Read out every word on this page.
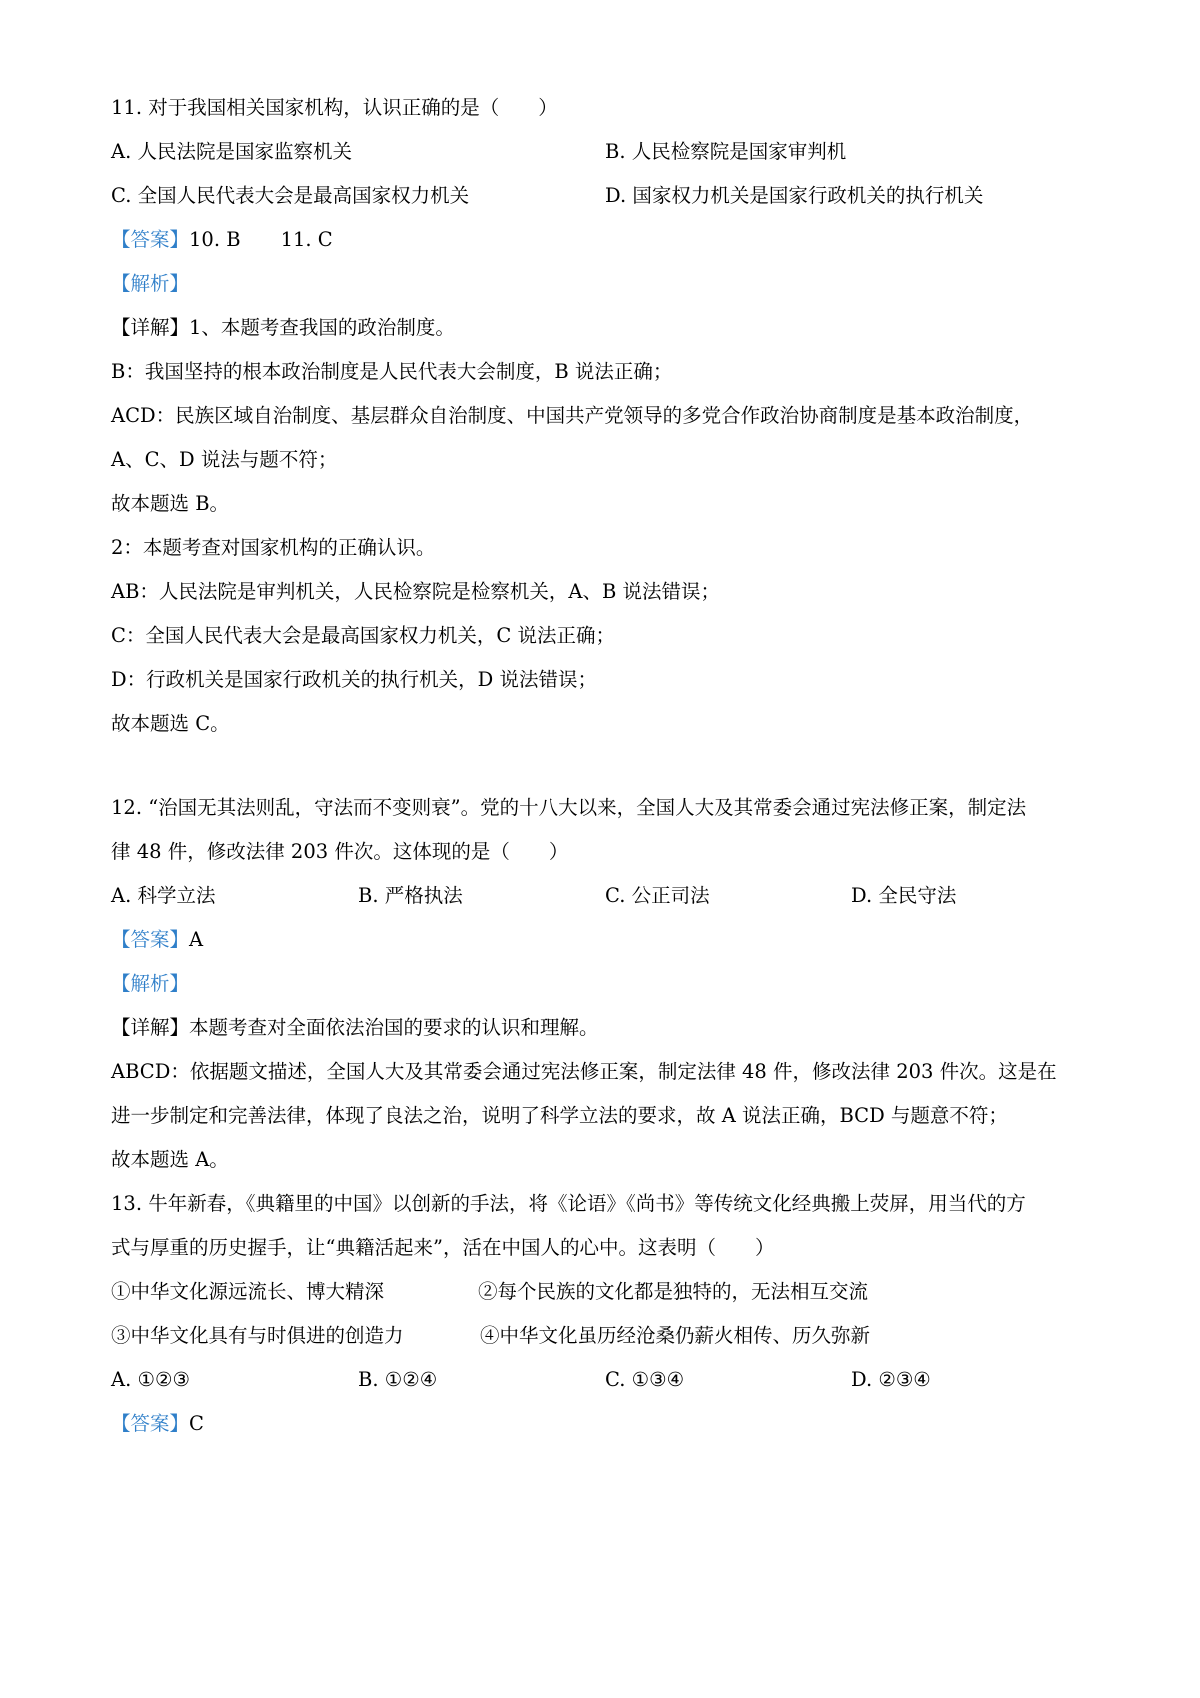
11. 对于我国相关国家机构，认识正确的是（　　）
A. 人民法院是国家监察机关	B. 人民检察院是国家审判机
C. 全国人民代表大会是最高国家权力机关	D. 国家权力机关是国家行政机关的执行机关
【答案】10. B 11. C
【解析】
【详解】1、本题考查我国的政治制度。
B：我国坚持的根本政治制度是人民代表大会制度，B 说法正确；
ACD：民族区域自治制度、基层群众自治制度、中国共产党领导的多党合作政治协商制度是基本政治制度，
A、C、D 说法与题不符；
故本题选 B。
2：本题考查对国家机构的正确认识。
AB：人民法院是审判机关，人民检察院是检察机关，A、B 说法错误；
C：全国人民代表大会是最高国家权力机关，C 说法正确；
D：行政机关是国家行政机关的执行机关，D 说法错误；
故本题选 C。
12. “治国无其法则乱，守法而不变则衰”。党的十八大以来，全国人大及其常委会通过宪法修正案，制定法
律 48 件，修改法律 203 件次。这体现的是（　　）
A. 科学立法	B. 严格执法	C. 公正司法	D. 全民守法
【答案】A
【解析】
【详解】本题考查对全面依法治国的要求的认识和理解。
ABCD：依据题文描述，全国人大及其常委会通过宪法修正案，制定法律 48 件，修改法律 203 件次。这是在
进一步制定和完善法律，体现了良法之治，说明了科学立法的要求，故 A 说法正确，BCD 与题意不符；
故本题选 A。
13. 牛年新春，《典籍里的中国》以创新的手法，将《论语》《尚书》等传统文化经典搬上荧屏，用当代的方
式与厚重的历史握手，让“典籍活起来”，活在中国人的心中。这表明（　　）
①中华文化源远流长、博大精深	②每个民族的文化都是独特的，无法相互交流
③中华文化具有与时俱进的创造力	④中华文化虽历经沧桑仍薪火相传、历久弥新
A. ①②③	B. ①②④	C. ①③④	D. ②③④
【答案】C
